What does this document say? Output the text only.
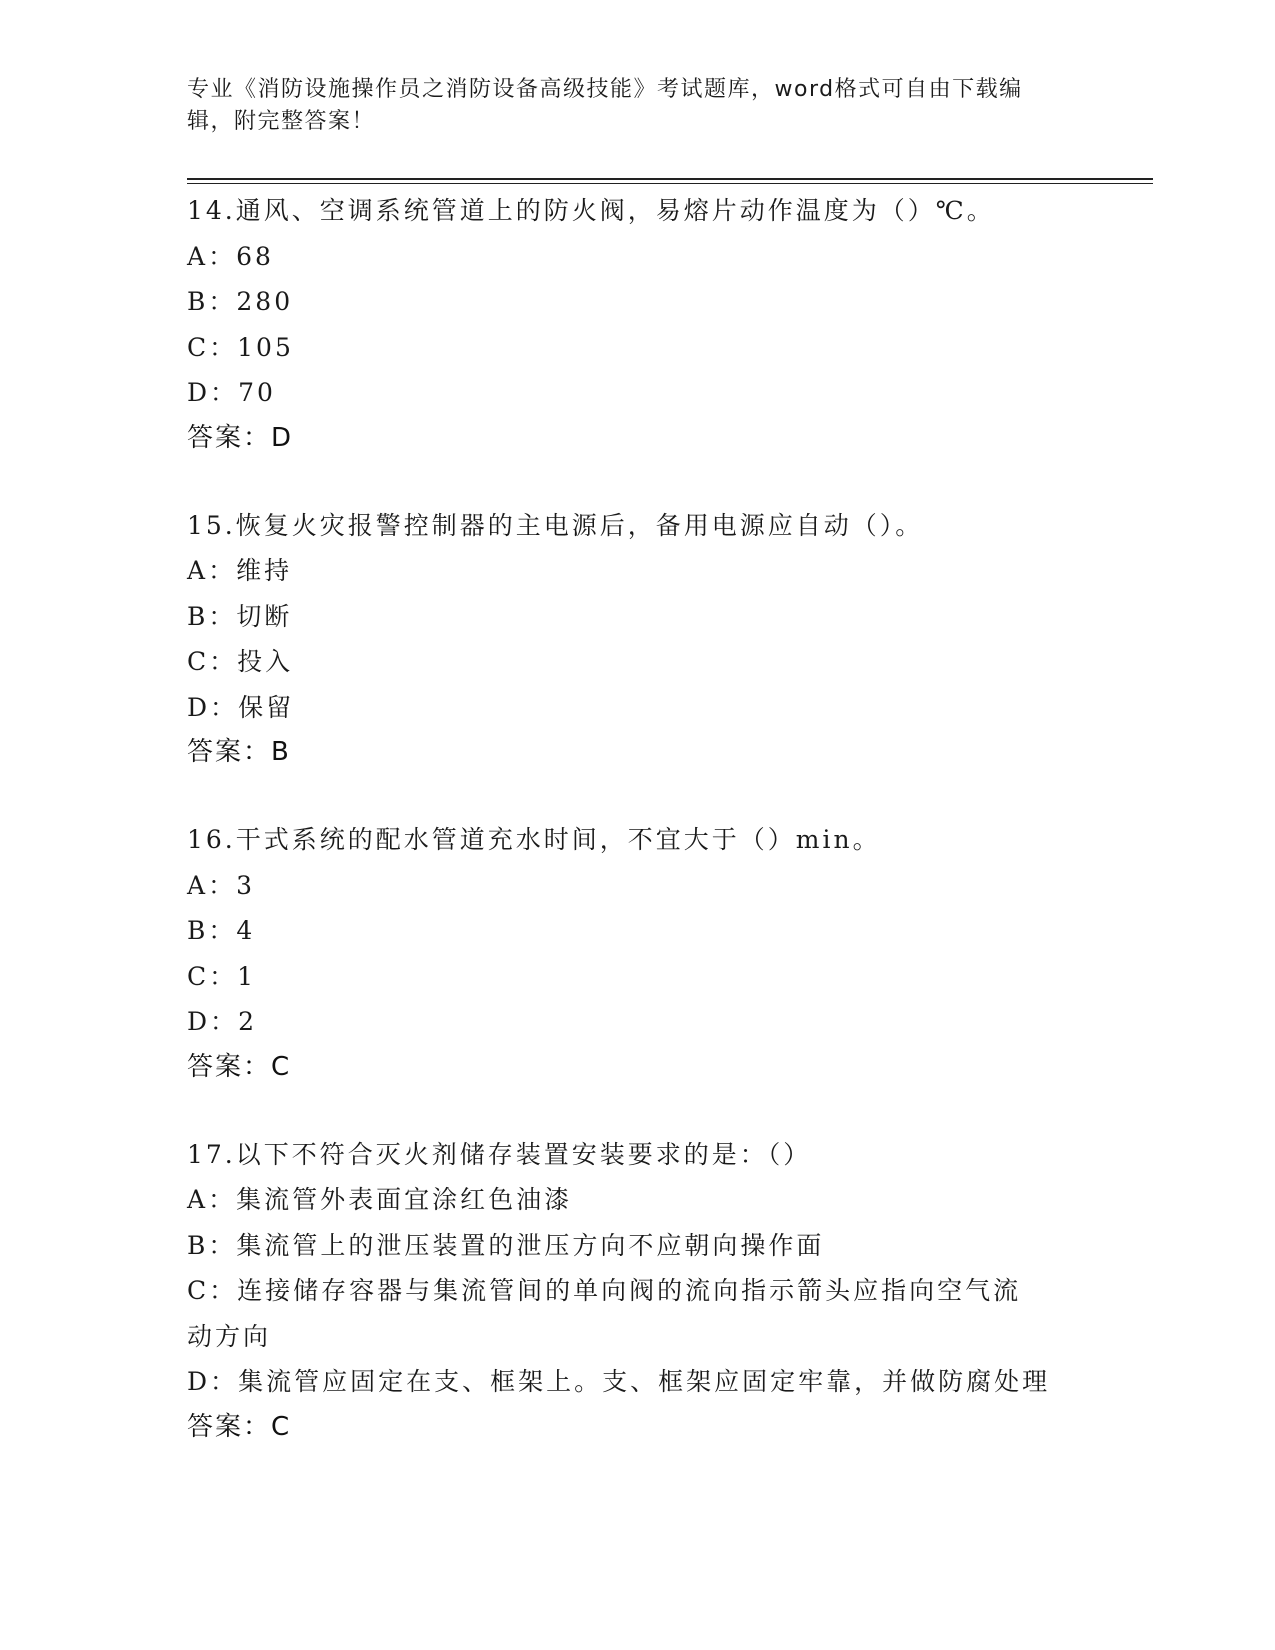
专业《消防设施操作员之消防设备高级技能》考试题库，word格式可自由下载编辑，附完整答案！
14.通风、空调系统管道上的防火阀，易熔片动作温度为（）℃。
A：68
B：280
C：105
D：70
答案：D
15.恢复火灾报警控制器的主电源后，备用电源应自动（）。
A：维持
B：切断
C：投入
D：保留
答案：B
16.干式系统的配水管道充水时间，不宜大于（）min。
A：3
B：4
C：1
D：2
答案：C
17.以下不符合灭火剂储存装置安装要求的是：（）
A：集流管外表面宜涂红色油漆
B：集流管上的泄压装置的泄压方向不应朝向操作面
C：连接储存容器与集流管间的单向阀的流向指示箭头应指向空气流动方向
D：集流管应固定在支、框架上。支、框架应固定牢靠，并做防腐处理
答案：C
